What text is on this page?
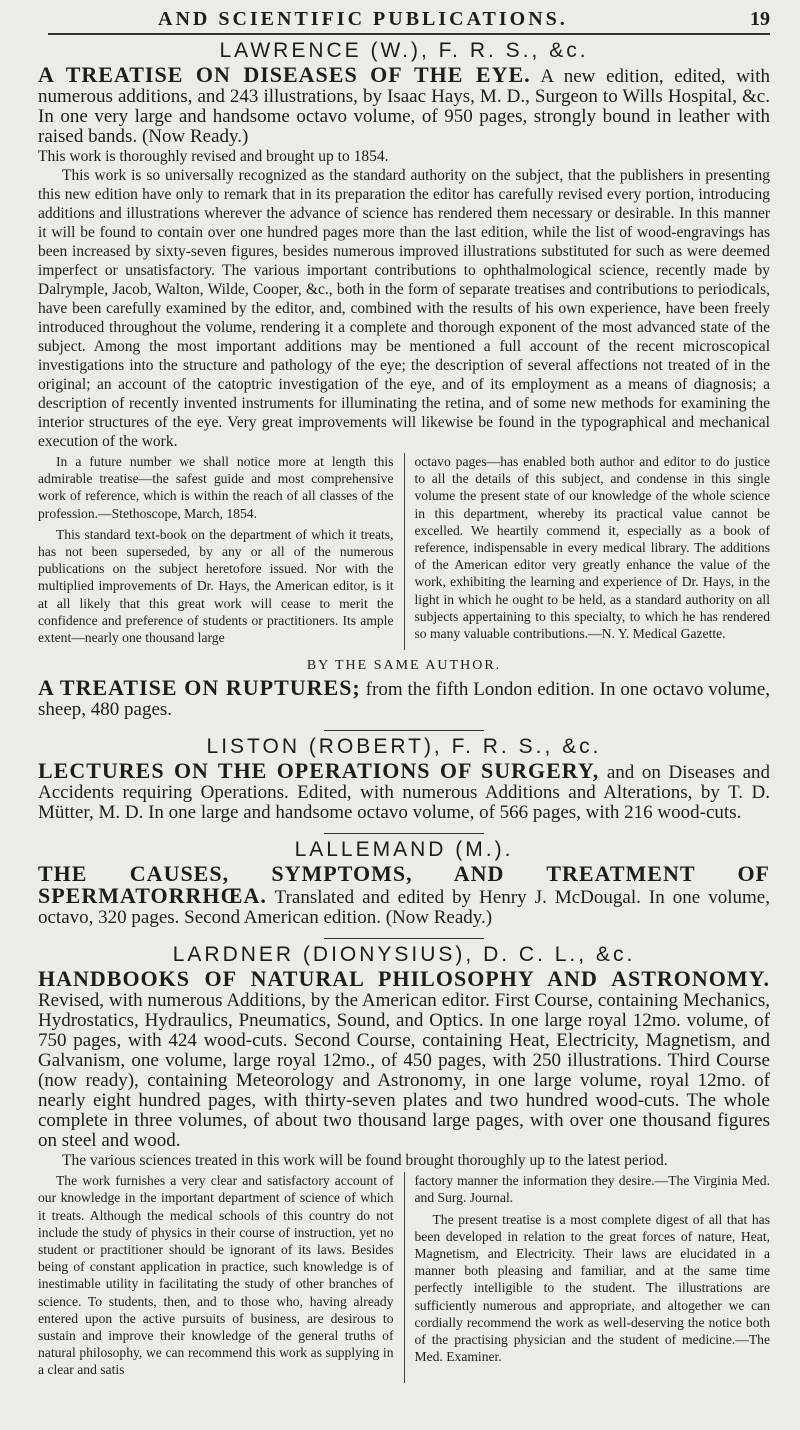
AND SCIENTIFIC PUBLICATIONS.	19
LAWRENCE (W.), F. R. S., &c.

A TREATISE ON DISEASES OF THE EYE. A new edition, edited, with numerous additions, and 243 illustrations, by Isaac Hays, M. D., Surgeon to Wills Hospital, &c. In one very large and handsome octavo volume, of 950 pages, strongly bound in leather with raised bands. (Now Ready.)

This work is thoroughly revised and brought up to 1854.

This work is so universally recognized as the standard authority on the subject, that the publishers in presenting this new edition have only to remark that in its preparation the editor has carefully revised every portion, introducing additions and illustrations wherever the advance of science has rendered them necessary or desirable. In this manner it will be found to contain over one hundred pages more than the last edition, while the list of wood-engravings has been increased by sixty-seven figures, besides numerous improved illustrations substituted for such as were deemed imperfect or unsatisfactory. The various important contributions to ophthalmological science, recently made by Dalrymple, Jacob, Walton, Wilde, Cooper, &c., both in the form of separate treatises and contributions to periodicals, have been carefully examined by the editor, and, combined with the results of his own experience, have been freely introduced throughout the volume, rendering it a complete and thorough exponent of the most advanced state of the subject. Among the most important additions may be mentioned a full account of the recent microscopical investigations into the structure and pathology of the eye; the description of several affections not treated of in the original; an account of the catoptric investigation of the eye, and of its employment as a means of diagnosis; a description of recently invented instruments for illuminating the retina, and of some new methods for examining the interior structures of the eye. Very great improvements will likewise be found in the typographical and mechanical execution of the work.

In a future number we shall notice more at length this admirable treatise—the safest guide and most comprehensive work of reference, which is within the reach of all classes of the profession.—Stethoscope, March, 1854.

This standard text-book on the department of which it treats, has not been superseded, by any or all of the numerous publications on the subject heretofore issued. Nor with the multiplied improvements of Dr. Hays, the American editor, is it at all likely that this great work will cease to merit the confidence and preference of students or practitioners. Its ample extent—nearly one thousand large

octavo pages—has enabled both author and editor to do justice to all the details of this subject, and condense in this single volume the present state of our knowledge of the whole science in this department, whereby its practical value cannot be excelled. We heartily commend it, especially as a book of reference, indispensable in every medical library. The additions of the American editor very greatly enhance the value of the work, exhibiting the learning and experience of Dr. Hays, in the light in which he ought to be held, as a standard authority on all subjects appertaining to this specialty, to which he has rendered so many valuable contributions.—N. Y. Medical Gazette.

BY THE SAME AUTHOR.

A TREATISE ON RUPTURES; from the fifth London edition. In one octavo volume, sheep, 480 pages.

LISTON (ROBERT), F. R. S., &c.

LECTURES ON THE OPERATIONS OF SURGERY, and on Diseases and Accidents requiring Operations. Edited, with numerous Additions and Alterations, by T. D. Mütter, M. D. In one large and handsome octavo volume, of 566 pages, with 216 wood-cuts.

LALLEMAND (M.).

THE CAUSES, SYMPTOMS, AND TREATMENT OF SPERMATORRHŒA. Translated and edited by Henry J. McDougal. In one volume, octavo, 320 pages. Second American edition. (Now Ready.)

LARDNER (DIONYSIUS), D. C. L., &c.

HANDBOOKS OF NATURAL PHILOSOPHY AND ASTRONOMY. Revised, with numerous Additions, by the American editor. First Course, containing Mechanics, Hydrostatics, Hydraulics, Pneumatics, Sound, and Optics. In one large royal 12mo. volume, of 750 pages, with 424 wood-cuts. Second Course, containing Heat, Electricity, Magnetism, and Galvanism, one volume, large royal 12mo., of 450 pages, with 250 illustrations. Third Course (now ready), containing Meteorology and Astronomy, in one large volume, royal 12mo. of nearly eight hundred pages, with thirty-seven plates and two hundred wood-cuts. The whole complete in three volumes, of about two thousand large pages, with over one thousand figures on steel and wood.

The various sciences treated in this work will be found brought thoroughly up to the latest period.

The work furnishes a very clear and satisfactory account of our knowledge in the important department of science of which it treats. Although the medical schools of this country do not include the study of physics in their course of instruction, yet no student or practitioner should be ignorant of its laws. Besides being of constant application in practice, such knowledge is of inestimable utility in facilitating the study of other branches of science. To students, then, and to those who, having already entered upon the active pursuits of business, are desirous to sustain and improve their knowledge of the general truths of natural philosophy, we can recommend this work as supplying in a clear and satis

factory manner the information they desire.—The Virginia Med. and Surg. Journal.

The present treatise is a most complete digest of all that has been developed in relation to the great forces of nature, Heat, Magnetism, and Electricity. Their laws are elucidated in a manner both pleasing and familiar, and at the same time perfectly intelligible to the student. The illustrations are sufficiently numerous and appropriate, and altogether we can cordially recommend the work as well-deserving the notice both of the practising physician and the student of medicine.—The Med. Examiner.
